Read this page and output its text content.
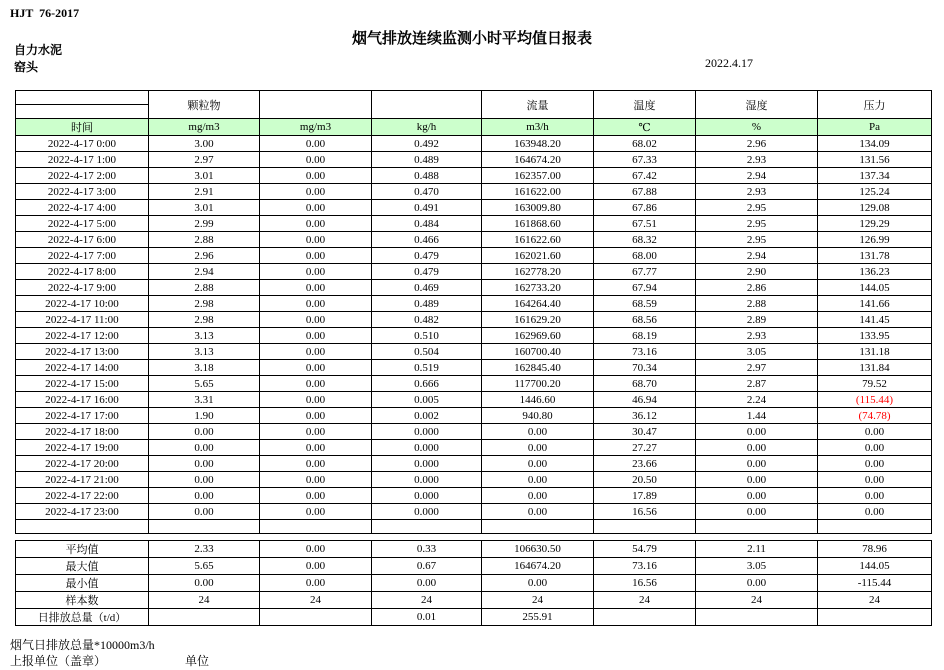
HJT  76-2017
烟气排放连续监测小时平均值日报表
自力水泥
窑头	2022.4.17
	颗粒物			流量	温度	湿度	压力

时间	mg/m3	mg/m3	kg/h	m3/h	℃	%	Pa
2022-4-17 0:00	3.00	0.00	0.492	163948.20	68.02	2.96	134.09
2022-4-17 1:00	2.97	0.00	0.489	164674.20	67.33	2.93	131.56
2022-4-17 2:00	3.01	0.00	0.488	162357.00	67.42	2.94	137.34
2022-4-17 3:00	2.91	0.00	0.470	161622.00	67.88	2.93	125.24
2022-4-17 4:00	3.01	0.00	0.491	163009.80	67.86	2.95	129.08
2022-4-17 5:00	2.99	0.00	0.484	161868.60	67.51	2.95	129.29
2022-4-17 6:00	2.88	0.00	0.466	161622.60	68.32	2.95	126.99
2022-4-17 7:00	2.96	0.00	0.479	162021.60	68.00	2.94	131.78
2022-4-17 8:00	2.94	0.00	0.479	162778.20	67.77	2.90	136.23
2022-4-17 9:00	2.88	0.00	0.469	162733.20	67.94	2.86	144.05
2022-4-17 10:00	2.98	0.00	0.489	164264.40	68.59	2.88	141.66
2022-4-17 11:00	2.98	0.00	0.482	161629.20	68.56	2.89	141.45
2022-4-17 12:00	3.13	0.00	0.510	162969.60	68.19	2.93	133.95
2022-4-17 13:00	3.13	0.00	0.504	160700.40	73.16	3.05	131.18
2022-4-17 14:00	3.18	0.00	0.519	162845.40	70.34	2.97	131.84
2022-4-17 15:00	5.65	0.00	0.666	117700.20	68.70	2.87	79.52
2022-4-17 16:00	3.31	0.00	0.005	1446.60	46.94	2.24	(115.44)
2022-4-17 17:00	1.90	0.00	0.002	940.80	36.12	1.44	(74.78)
2022-4-17 18:00	0.00	0.00	0.000	0.00	30.47	0.00	0.00
2022-4-17 19:00	0.00	0.00	0.000	0.00	27.27	0.00	0.00
2022-4-17 20:00	0.00	0.00	0.000	0.00	23.66	0.00	0.00
2022-4-17 21:00	0.00	0.00	0.000	0.00	20.50	0.00	0.00
2022-4-17 22:00	0.00	0.00	0.000	0.00	17.89	0.00	0.00
2022-4-17 23:00	0.00	0.00	0.000	0.00	16.56	0.00	0.00

平均值	2.33	0.00	0.33	106630.50	54.79	2.11	78.96
最大值	5.65	0.00	0.67	164674.20	73.16	3.05	144.05
最小值	0.00	0.00	0.00	0.00	16.56	0.00	-115.44
样本数	24	24	24	24	24	24	24
日排放总量（t/d）			0.01	255.91			
烟气日排放总量*10000m3/h
上报单位（盖章）	单位
